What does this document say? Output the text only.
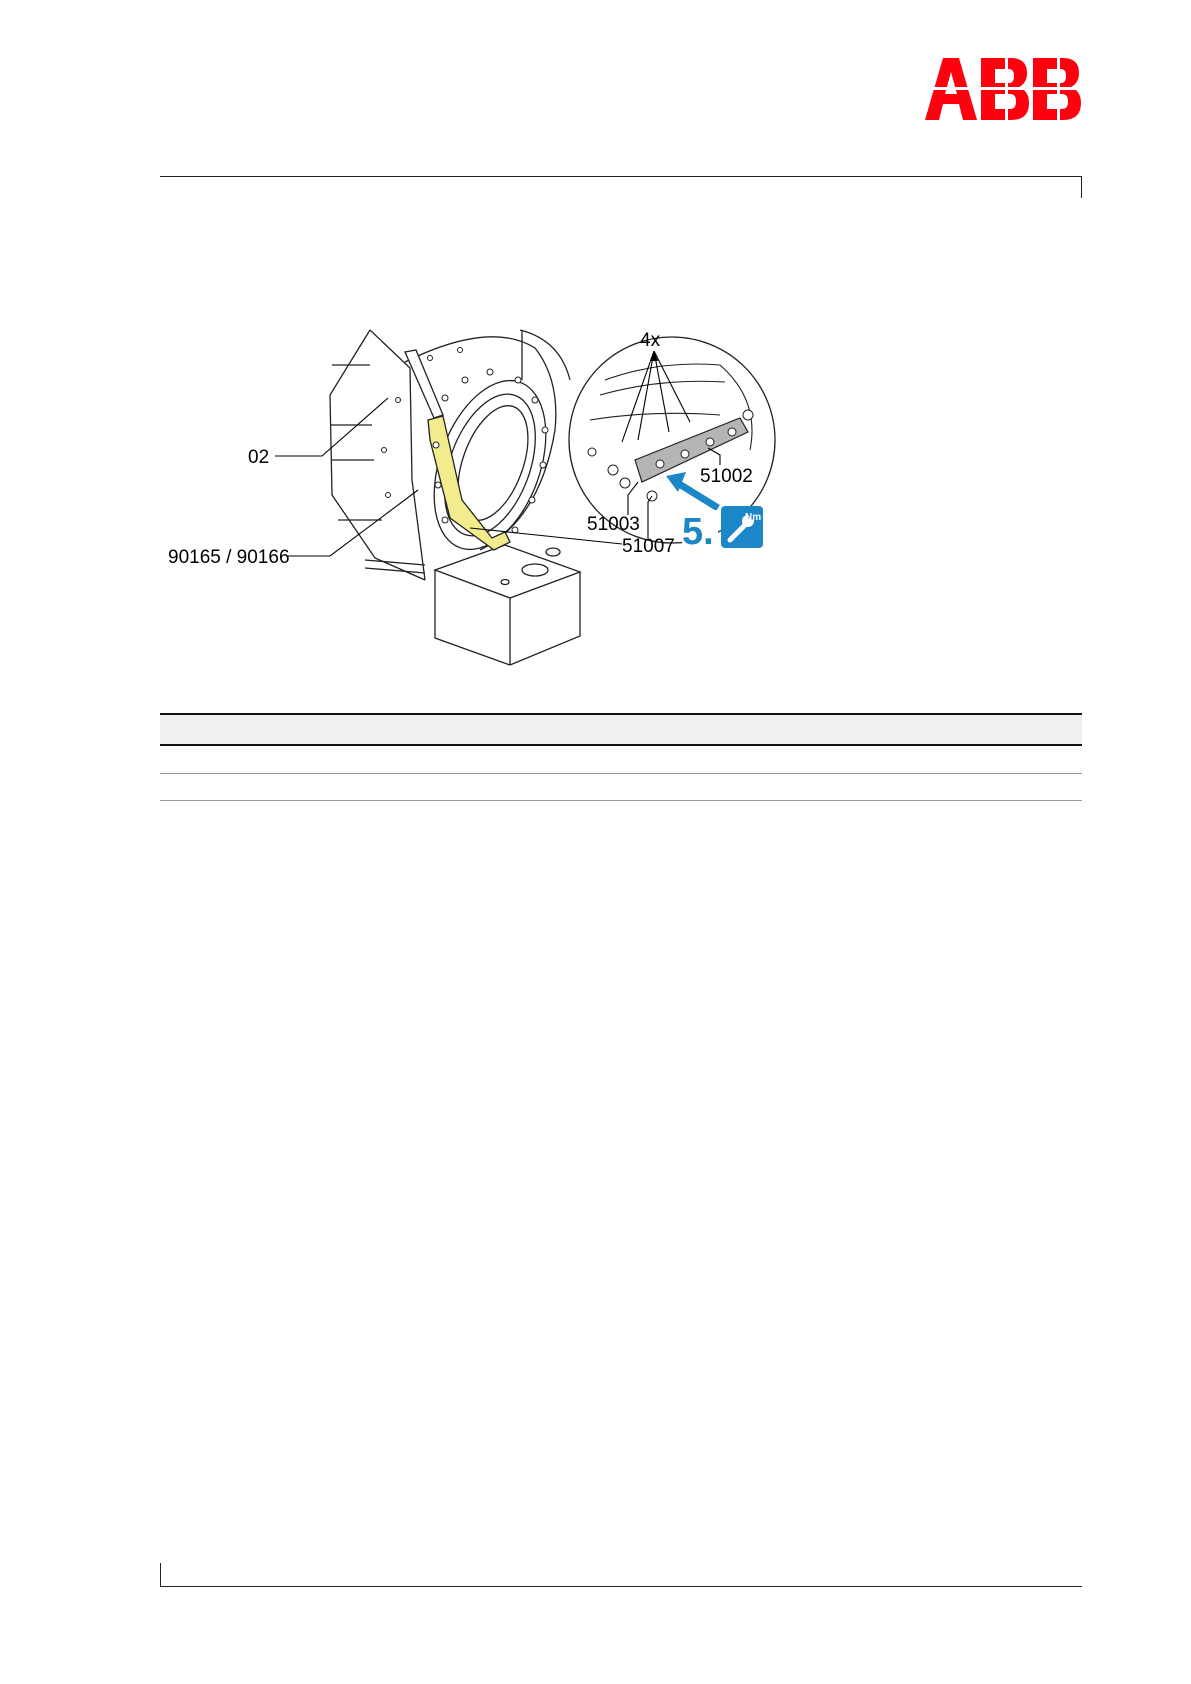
4x
02
90165 / 90166
51002
51003
51007 5.	Nm
